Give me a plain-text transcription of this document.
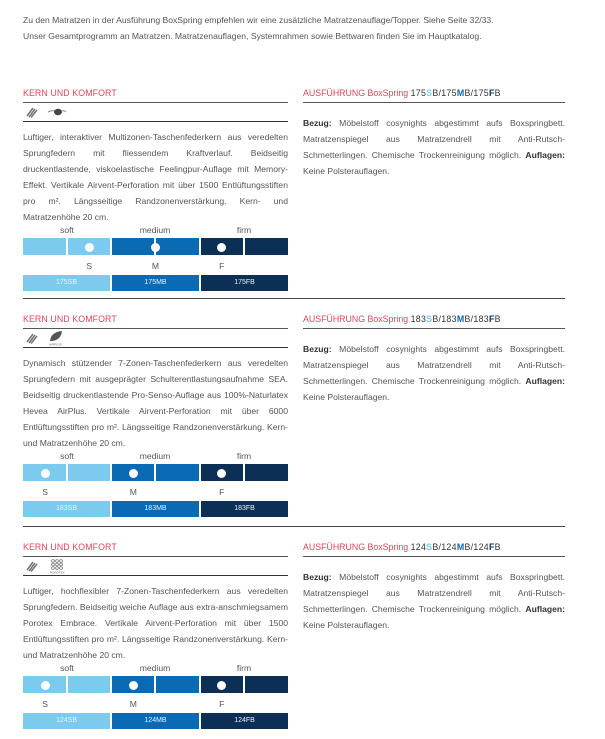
Zu den Matratzen in der Ausführung BoxSpring empfehlen wir eine zusätzliche Matratzenauflage/Topper. Siehe Seite 32/33.
Unser Gesamtprogramm an Matratzen. Matratzenauflagen, Systemrahmen sowie Bettwaren finden Sie im Hauptkatalog.
KERN UND KOMFORT
Luftiger, interaktiver Multizonen-Taschenfederkern aus veredelten Sprungfedern mit fliessendem Kraftverlauf. Beidseitig druckentlastende, viskoelastische Feelingpur-Auflage mit Memory-Effekt. Vertikale Airvent-Perforation mit über 1500 Entlüftungsstiften pro m². Längsseitige Randzonenverstärkung. Kern- und Matratzenhöhe 20 cm.
soft	medium	firm
S	M	F
175SB	175MB	175FB
AUSFÜHRUNG BoxSpring 175SB/175MB/175FB
Bezug: Möbelstoff cosynights abgestimmt aufs Boxspringbett. Matratzenspiegel aus Matratzendrell mit Anti-Rutsch-Schmetterlingen. Chemische Trockenreinigung möglich. Auflagen: Keine Polsterauflagen.
KERN UND KOMFORT
AIRPLUS
Dynamisch stützender 7-Zonen-Taschenfederkern aus veredelten Sprungfedern mit ausgeprägter Schulterentlastungsaufnahme SEA. Beidseitig druckentlastende Pro-Senso-Auflage aus 100%-Naturlatex Hevea AirPlus. Vertikale Airvent-Perforation mit über 6000 Entlüftungsstiften pro m². Längsseitige Randzonenverstärkung. Kern- und Matratzenhöhe 20 cm.
soft	medium	firm
S	M	F
183SB	183MB	183FB
AUSFÜHRUNG BoxSpring 183SB/183MB/183FB
Bezug: Möbelstoff cosynights abgestimmt aufs Boxspringbett. Matratzenspiegel aus Matratzendrell mit Anti-Rutsch-Schmetterlingen. Chemische Trockenreinigung möglich. Auflagen: Keine Polsterauflagen.
KERN UND KOMFORT
POROTEX
Luftiger, hochflexibler 7-Zonen-Taschenfederkern aus veredelten Sprungfedern. Beidseitig weiche Auflage aus extra-anschmiegsamem Porotex Embrace. Vertikale Airvent-Perforation mit über 1500 Entlüftungsstiften pro m². Längsseitige Randzonenverstärkung. Kern- und Matratzenhöhe 20 cm.
soft	medium	firm
S	M	F
124SB	124MB	124FB
AUSFÜHRUNG BoxSpring 124SB/124MB/124FB
Bezug: Möbelstoff cosynights abgestimmt aufs Boxspringbett. Matratzenspiegel aus Matratzendrell mit Anti-Rutsch-Schmetterlingen. Chemische Trockenreinigung möglich. Auflagen: Keine Polsterauflagen.
